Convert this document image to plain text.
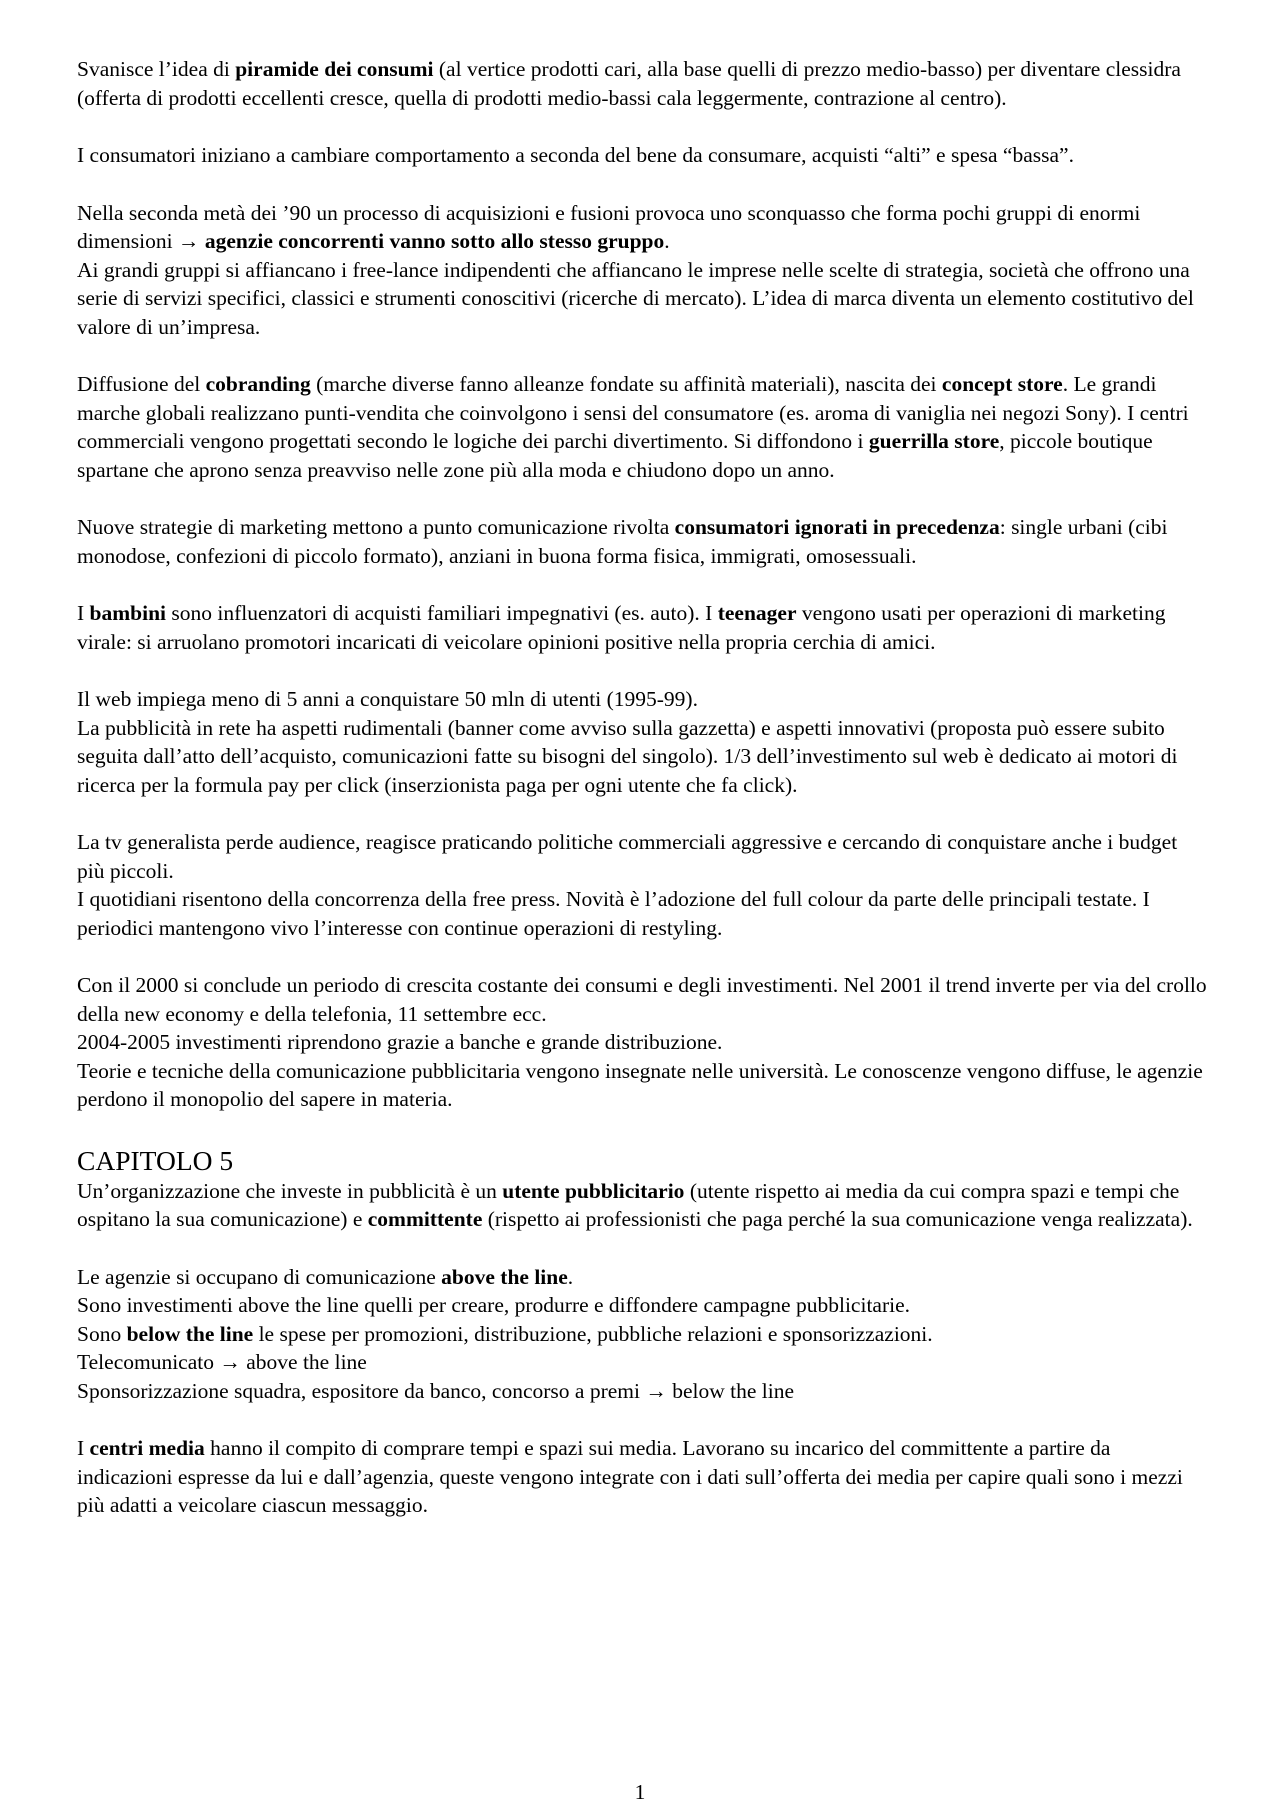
Svanisce l’idea di piramide dei consumi (al vertice prodotti cari, alla base quelli di prezzo medio-basso) per diventare clessidra (offerta di prodotti eccellenti cresce, quella di prodotti medio-bassi cala leggermente, contrazione al centro).

I consumatori iniziano a cambiare comportamento a seconda del bene da consumare, acquisti “alti” e spesa “bassa”.

Nella seconda metà dei ’90 un processo di acquisizioni e fusioni provoca uno sconquasso che forma pochi gruppi di enormi dimensioni → agenzie concorrenti vanno sotto allo stesso gruppo.
Ai grandi gruppi si affiancano i free-lance indipendenti che affiancano le imprese nelle scelte di strategia, società che offrono una serie di servizi specifici, classici e strumenti conoscitivi (ricerche di mercato). L’idea di marca diventa un elemento costitutivo del valore di un’impresa.

Diffusione del cobranding (marche diverse fanno alleanze fondate su affinità materiali), nascita dei concept store. Le grandi marche globali realizzano punti-vendita che coinvolgono i sensi del consumatore (es. aroma di vaniglia nei negozi Sony). I centri commerciali vengono progettati secondo le logiche dei parchi divertimento. Si diffondono i guerrilla store, piccole boutique spartane che aprono senza preavviso nelle zone più alla moda e chiudono dopo un anno.

Nuove strategie di marketing mettono a punto comunicazione rivolta consumatori ignorati in precedenza: single urbani (cibi monodose, confezioni di piccolo formato), anziani in buona forma fisica, immigrati, omosessuali.

I bambini sono influenzatori di acquisti familiari impegnativi (es. auto). I teenager vengono usati per operazioni di marketing virale: si arruolano promotori incaricati di veicolare opinioni positive nella propria cerchia di amici.

Il web impiega meno di 5 anni a conquistare 50 mln di utenti (1995-99).
La pubblicità in rete ha aspetti rudimentali (banner come avviso sulla gazzetta) e aspetti innovativi (proposta può essere subito seguita dall’atto dell’acquisto, comunicazioni fatte su bisogni del singolo). 1/3 dell’investimento sul web è dedicato ai motori di ricerca per la formula pay per click (inserzionista paga per ogni utente che fa click).

La tv generalista perde audience, reagisce praticando politiche commerciali aggressive e cercando di conquistare anche i budget più piccoli.
I quotidiani risentono della concorrenza della free press. Novità è l’adozione del full colour da parte delle principali testate. I periodici mantengono vivo l’interesse con continue operazioni di restyling.

Con il 2000 si conclude un periodo di crescita costante dei consumi e degli investimenti. Nel 2001 il trend inverte per via del crollo della new economy e della telefonia, 11 settembre ecc.
2004-2005 investimenti riprendono grazie a banche e grande distribuzione.
Teorie e tecniche della comunicazione pubblicitaria vengono insegnate nelle università. Le conoscenze vengono diffuse, le agenzie perdono il monopolio del sapere in materia.

CAPITOLO 5

Un’organizzazione che investe in pubblicità è un utente pubblicitario (utente rispetto ai media da cui compra spazi e tempi che ospitano la sua comunicazione) e committente (rispetto ai professionisti che paga perché la sua comunicazione venga realizzata).

Le agenzie si occupano di comunicazione above the line.
Sono investimenti above the line quelli per creare, produrre e diffondere campagne pubblicitarie.
Sono below the line le spese per promozioni, distribuzione, pubbliche relazioni e sponsorizzazioni.
Telecomunicato → above the line
Sponsorizzazione squadra, espositore da banco, concorso a premi → below the line

I centri media hanno il compito di comprare tempi e spazi sui media. Lavorano su incarico del committente a partire da indicazioni espresse da lui e dall’agenzia, queste vengono integrate con i dati sull’offerta dei media per capire quali sono i mezzi più adatti a veicolare ciascun messaggio.

1
